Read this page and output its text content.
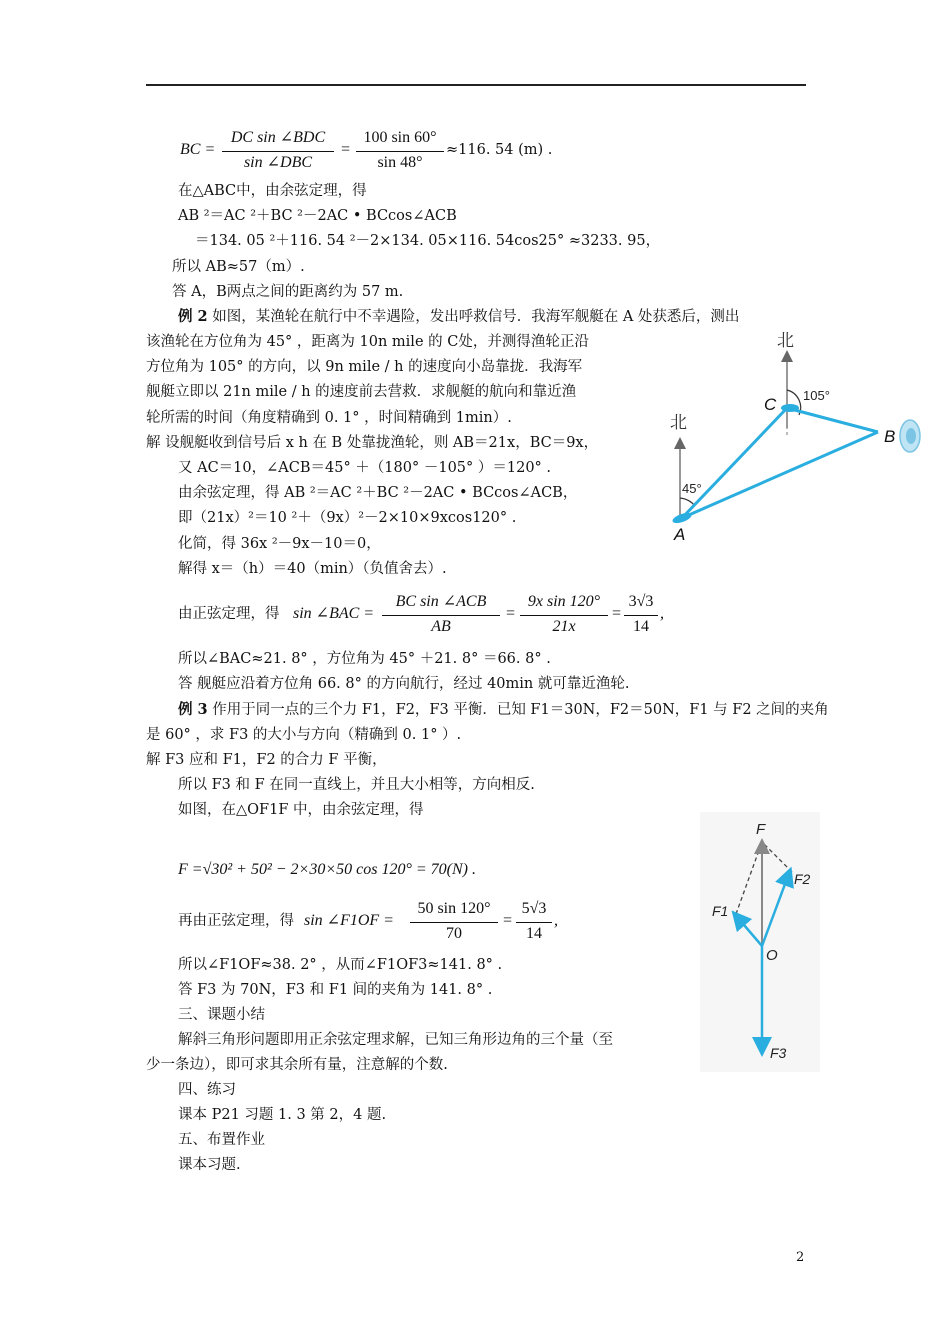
BC =
DC sin ∠BDC
sin ∠DBC
=
100 sin 60°
sin 48°
≈116. 54 (m) .
在△ABC中，由余弦定理，得
AB ²＝AC ²＋BC ²－2AC • BCcos∠ACB
＝134. 05 ²＋116. 54 ²－2×134. 05×116. 54cos25° ≈3233. 95，
所以 AB≈57（m）.
答 A，B两点之间的距离约为 57 m.
例 2 如图，某渔轮在航行中不幸遇险，发出呼救信号．我海军舰艇在 A 处获悉后，测出
该渔轮在方位角为 45° ，距离为 10n mile 的 C处，并测得渔轮正沿
方位角为 105° 的方向，以 9n mile / h 的速度向小岛靠拢．我海军
舰艇立即以 21n mile / h 的速度前去营救．求舰艇的航向和靠近渔
轮所需的时间（角度精确到 0. 1° ，时间精确到 1min）.
解 设舰艇收到信号后 x h 在 B 处靠拢渔轮，则 AB＝21x，BC＝9x，
又 AC＝10，∠ACB＝45° ＋（180° －105° ）＝120° .
由余弦定理，得 AB ²＝AC ²＋BC ²－2AC • BCcos∠ACB，
即（21x）²＝10 ²＋（9x）²－2×10×9xcos120° .
化简，得 36x ²－9x－10＝0，
解得 x＝（h）＝40（min）（负值舍去）.
由正弦定理，得 sin ∠BAC =
BC sin ∠ACB
AB
=
9x sin 120°
21x
=
3√3
14
,
所以∠BAC≈21. 8° ，方位角为 45° ＋21. 8° ＝66. 8° .
答 舰艇应沿着方位角 66. 8° 的方向航行，经过 40min 就可靠近渔轮.
例 3 作用于同一点的三个力 F1，F2，F3 平衡．已知 F1＝30N，F2＝50N，F1 与 F2 之间的夹角
是 60° ，求 F3 的大小与方向（精确到 0. 1° ）.
解 F3 应和 F1，F2 的合力 F 平衡，
所以 F3 和 F 在同一直线上，并且大小相等，方向相反.
如图，在△OF1F 中，由余弦定理，得
F =√30² + 50² − 2×30×50 cos 120° = 70(N) .
再由正弦定理，得 sin ∠F1OF =
50 sin 120°
70
=
5√3
14
,
所以∠F1OF≈38. 2° ，从而∠F1OF3≈141. 8° .
答 F3 为 70N，F3 和 F1 间的夹角为 141. 8° .
三、课题小结
解斜三角形问题即用正余弦定理求解，已知三角形边角的三个量（至
少一条边），即可求其余所有量，注意解的个数.
四、练习
课本 P21 习题 1. 3 第 2，4 题.
五、布置作业
课本习题.
北
北
105°
45°
A
B
C
F
F1
F2
O
F3
2
